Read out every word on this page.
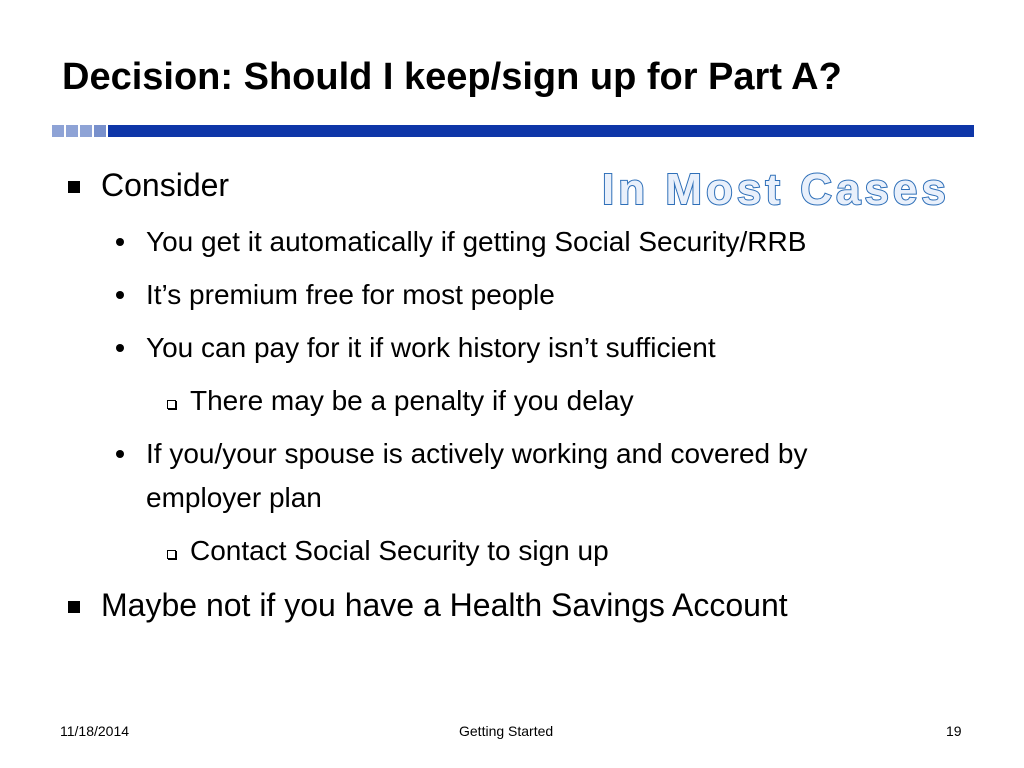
Decision: Should I keep/sign up for Part A?
In Most Cases
Consider
You get it automatically if getting Social Security/RRB
It’s premium free for most people
You can pay for it if work history isn’t sufficient
There may be a penalty if you delay
If you/your spouse is actively working and covered by
employer plan
Contact Social Security to sign up
Maybe not if you have a Health Savings Account
11/18/2014	Getting Started	19
